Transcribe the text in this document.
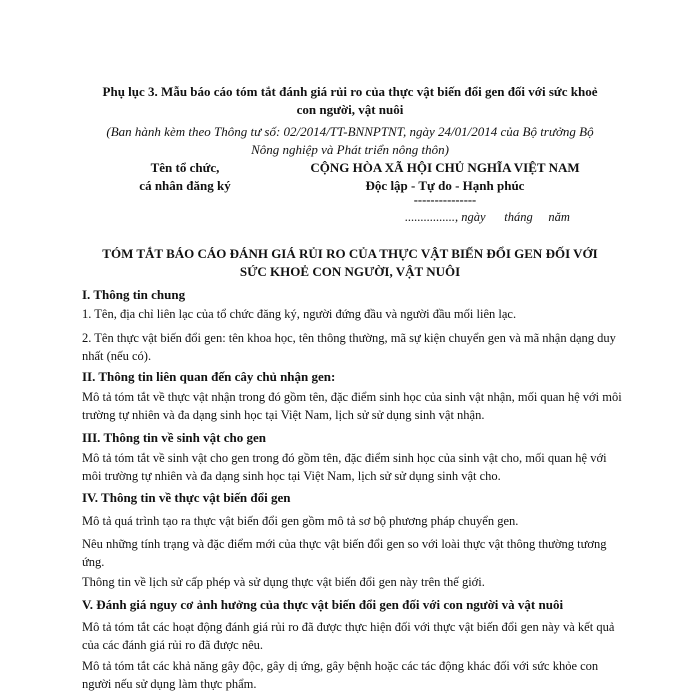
Phụ lục 3. Mẫu báo cáo tóm tắt đánh giá rủi ro của thực vật biến đổi gen đối với sức khoẻ

con người, vật nuôi

(Ban hành kèm theo Thông tư số: 02/2014/TT-BNNPTNT, ngày 24/01/2014 của Bộ trưởng Bộ

Nông nghiệp và Phát triển nông thôn)

Tên tổ chức,

cá nhân đăng ký

CỘNG HÒA XÃ HỘI CHỦ NGHĨA VIỆT NAM

Độc lập - Tự do - Hạnh phúc

---------------

................, ngày      tháng     năm

TÓM TẮT BÁO CÁO ĐÁNH GIÁ RỦI RO CỦA THỰC VẬT BIẾN ĐỔI GEN ĐỐI VỚI

SỨC KHOẺ CON NGƯỜI, VẬT NUÔI

I. Thông tin chung

1. Tên, địa chỉ liên lạc của tổ chức đăng ký, người đứng đầu và người đầu mối liên lạc.

2. Tên thực vật biến đổi gen: tên khoa học, tên thông thường, mã sự kiện chuyển gen và mã nhận dạng duy nhất (nếu có).

II. Thông tin liên quan đến cây chủ nhận gen:

Mô tả tóm tắt về thực vật nhận trong đó gồm tên, đặc điểm sinh học của sinh vật nhận, mối quan hệ với môi trường tự nhiên và đa dạng sinh học tại Việt Nam, lịch sử sử dụng sinh vật nhận.

III. Thông tin về sinh vật cho gen

Mô tả tóm tắt về sinh vật cho gen trong đó gồm tên, đặc điểm sinh học của sinh vật cho, mối quan hệ với môi trường tự nhiên và đa dạng sinh học tại Việt Nam, lịch sử sử dụng sinh vật cho.

IV. Thông tin về thực vật biến đổi gen

Mô tả quá trình tạo ra thực vật biến đổi gen gồm mô tả sơ bộ phương pháp chuyển gen.

Nêu những tính trạng và đặc điểm mới của thực vật biến đổi gen so với loài thực vật thông thường tương ứng.

Thông tin về lịch sử cấp phép và sử dụng thực vật biến đổi gen này trên thế giới.

V. Đánh giá nguy cơ ảnh hưởng của thực vật biến đổi gen đối với con người và vật nuôi

Mô tả tóm tắt các hoạt động đánh giá rủi ro đã được thực hiện đối với thực vật biến đổi gen này và kết quả của các đánh giá rủi ro đã được nêu.

Mô tả tóm tắt các khả năng gây độc, gây dị ứng, gây bệnh hoặc các tác động khác đối với sức khỏe con người nếu sử dụng làm thực phẩm.
